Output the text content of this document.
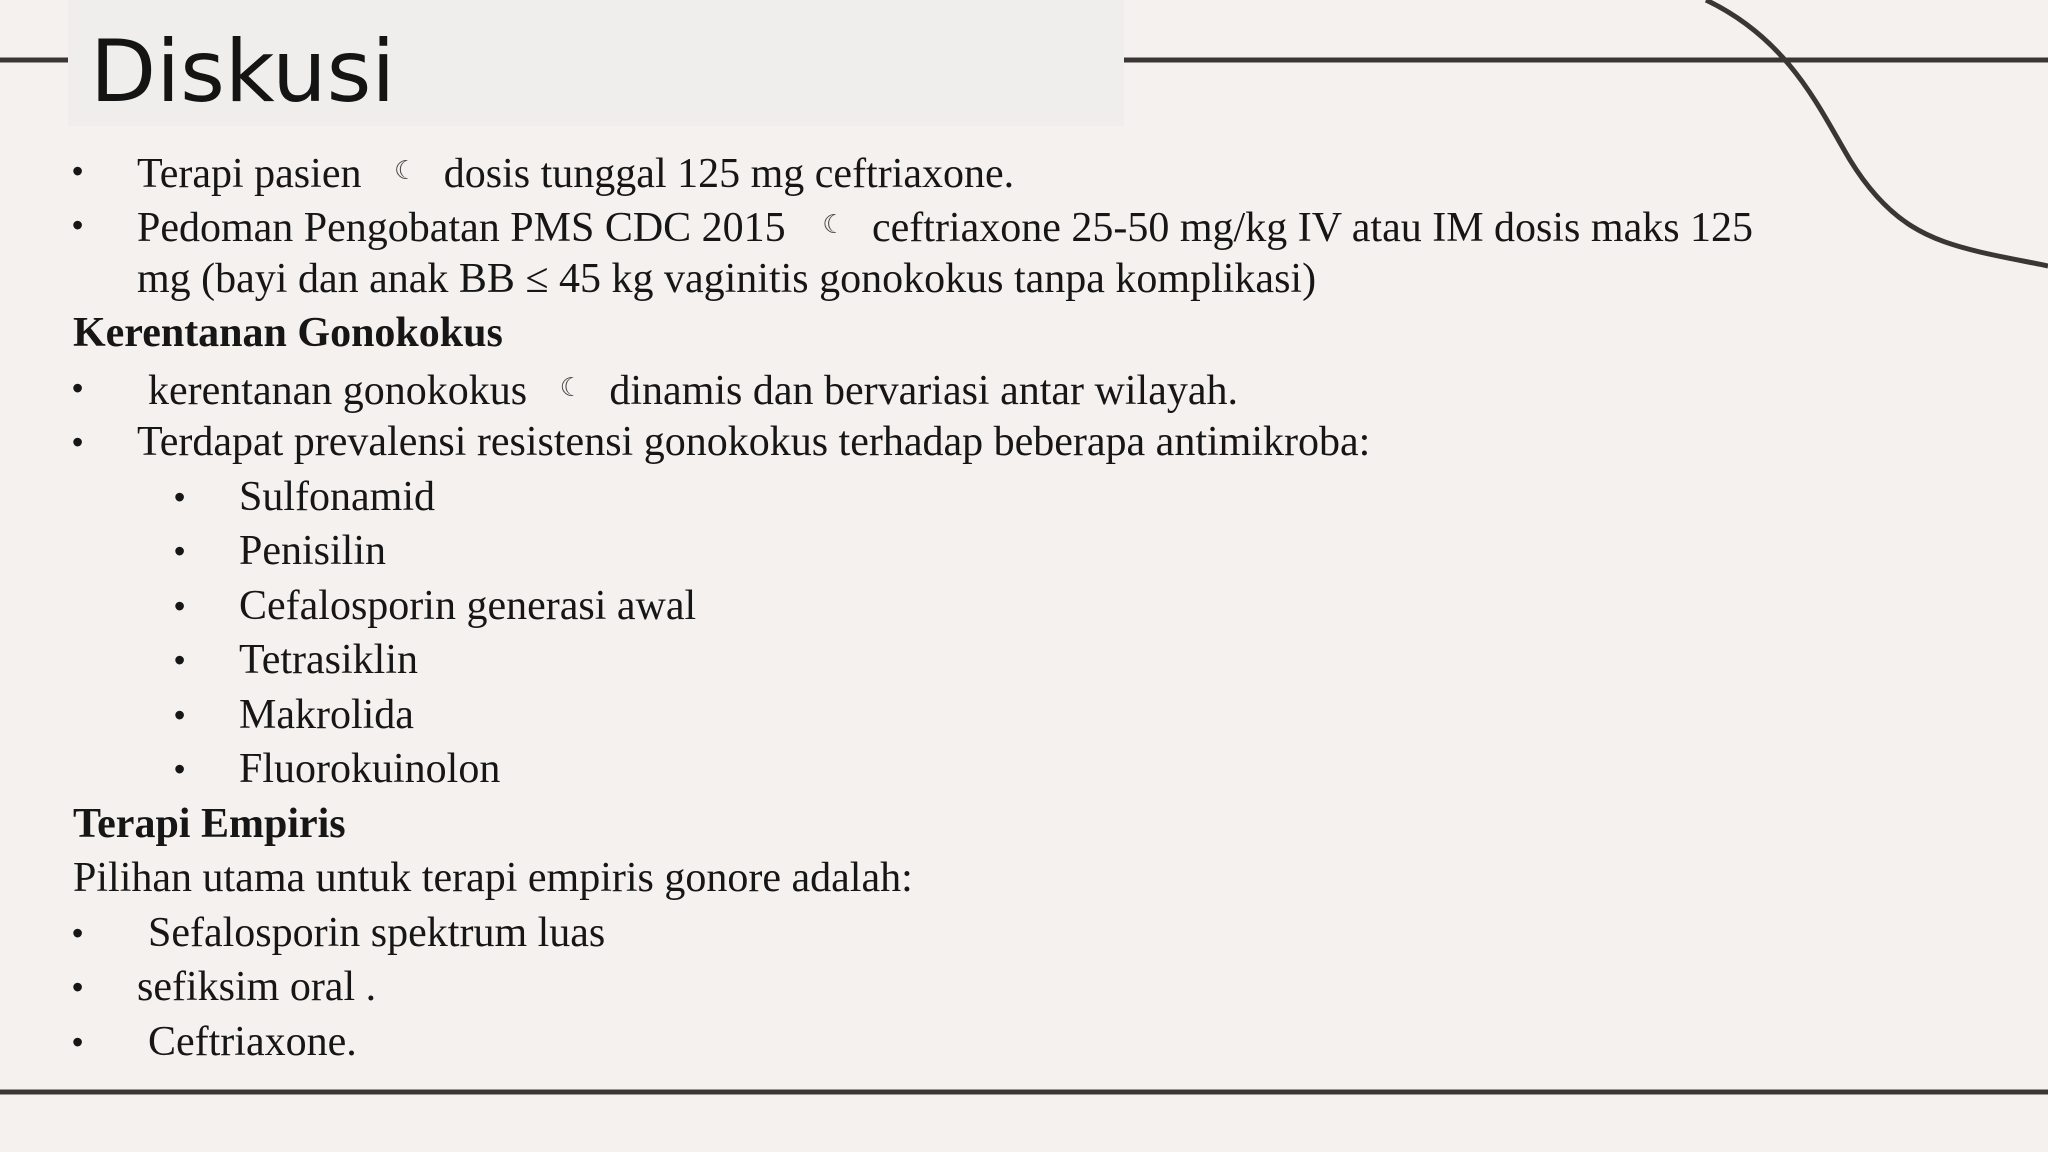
Diskusi
• Terapi pasien ☾ dosis tunggal 125 mg ceftriaxone.
• Pedoman Pengobatan PMS CDC 2015 ☾ ceftriaxone 25-50 mg/kg IV atau IM dosis maks 125
mg (bayi dan anak BB ≤ 45 kg vaginitis gonokokus tanpa komplikasi)
Kerentanan Gonokokus
• kerentanan gonokokus ☾ dinamis dan bervariasi antar wilayah.
• Terdapat prevalensi resistensi gonokokus terhadap beberapa antimikroba:
• Sulfonamid
• Penisilin
• Cefalosporin generasi awal
• Tetrasiklin
• Makrolida
• Fluorokuinolon
Terapi Empiris
Pilihan utama untuk terapi empiris gonore adalah:
• Sefalosporin spektrum luas
• sefiksim oral .
• Ceftriaxone.
